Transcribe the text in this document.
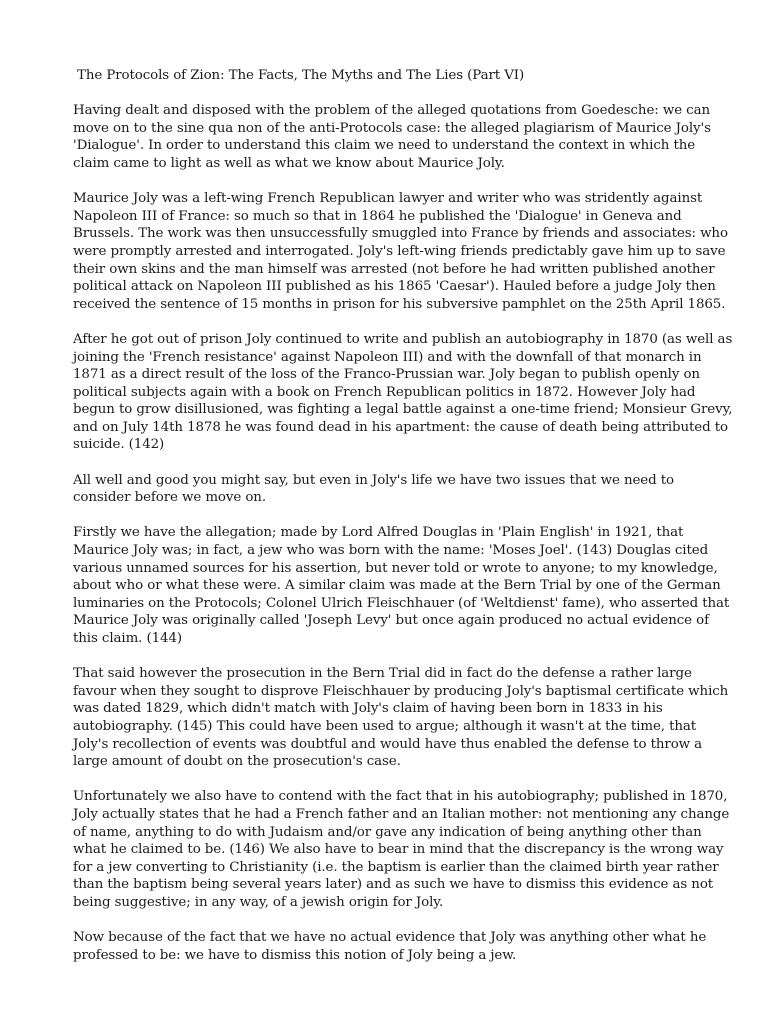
The Protocols of Zion: The Facts, The Myths and The Lies (Part VI)

Having dealt and disposed with the problem of the alleged quotations from Goedesche: we can move on to the sine qua non of the anti-Protocols case: the alleged plagiarism of Maurice Joly's 'Dialogue'. In order to understand this claim we need to understand the context in which the claim came to light as well as what we know about Maurice Joly.

Maurice Joly was a left-wing French Republican lawyer and writer who was stridently against Napoleon III of France: so much so that in 1864 he published the 'Dialogue' in Geneva and Brussels. The work was then unsuccessfully smuggled into France by friends and associates: who were promptly arrested and interrogated. Joly's left-wing friends predictably gave him up to save their own skins and the man himself was arrested (not before he had written published another political attack on Napoleon III published as his 1865 'Caesar'). Hauled before a judge Joly then received the sentence of 15 months in prison for his subversive pamphlet on the 25th April 1865.

After he got out of prison Joly continued to write and publish an autobiography in 1870 (as well as joining the 'French resistance' against Napoleon III) and with the downfall of that monarch in 1871 as a direct result of the loss of the Franco-Prussian war. Joly began to publish openly on political subjects again with a book on French Republican politics in 1872. However Joly had begun to grow disillusioned, was fighting a legal battle against a one-time friend; Monsieur Grevy, and on July 14th 1878 he was found dead in his apartment: the cause of death being attributed to suicide. (142)

All well and good you might say, but even in Joly's life we have two issues that we need to consider before we move on.

Firstly we have the allegation; made by Lord Alfred Douglas in 'Plain English' in 1921, that Maurice Joly was; in fact, a jew who was born with the name: 'Moses Joel'. (143) Douglas cited various unnamed sources for his assertion, but never told or wrote to anyone; to my knowledge, about who or what these were. A similar claim was made at the Bern Trial by one of the German luminaries on the Protocols; Colonel Ulrich Fleischhauer (of 'Weltdienst' fame), who asserted that Maurice Joly was originally called 'Joseph Levy' but once again produced no actual evidence of this claim. (144)

That said however the prosecution in the Bern Trial did in fact do the defense a rather large favour when they sought to disprove Fleischhauer by producing Joly's baptismal certificate which was dated 1829, which didn't match with Joly's claim of having been born in 1833 in his autobiography. (145) This could have been used to argue; although it wasn't at the time, that Joly's recollection of events was doubtful and would have thus enabled the defense to throw a large amount of doubt on the prosecution's case.

Unfortunately we also have to contend with the fact that in his autobiography; published in 1870, Joly actually states that he had a French father and an Italian mother: not mentioning any change of name, anything to do with Judaism and/or gave any indication of being anything other than what he claimed to be. (146) We also have to bear in mind that the discrepancy is the wrong way for a jew converting to Christianity (i.e. the baptism is earlier than the claimed birth year rather than the baptism being several years later) and as such we have to dismiss this evidence as not being suggestive; in any way, of a jewish origin for Joly.

Now because of the fact that we have no actual evidence that Joly was anything other what he professed to be: we have to dismiss this notion of Joly being a jew.
